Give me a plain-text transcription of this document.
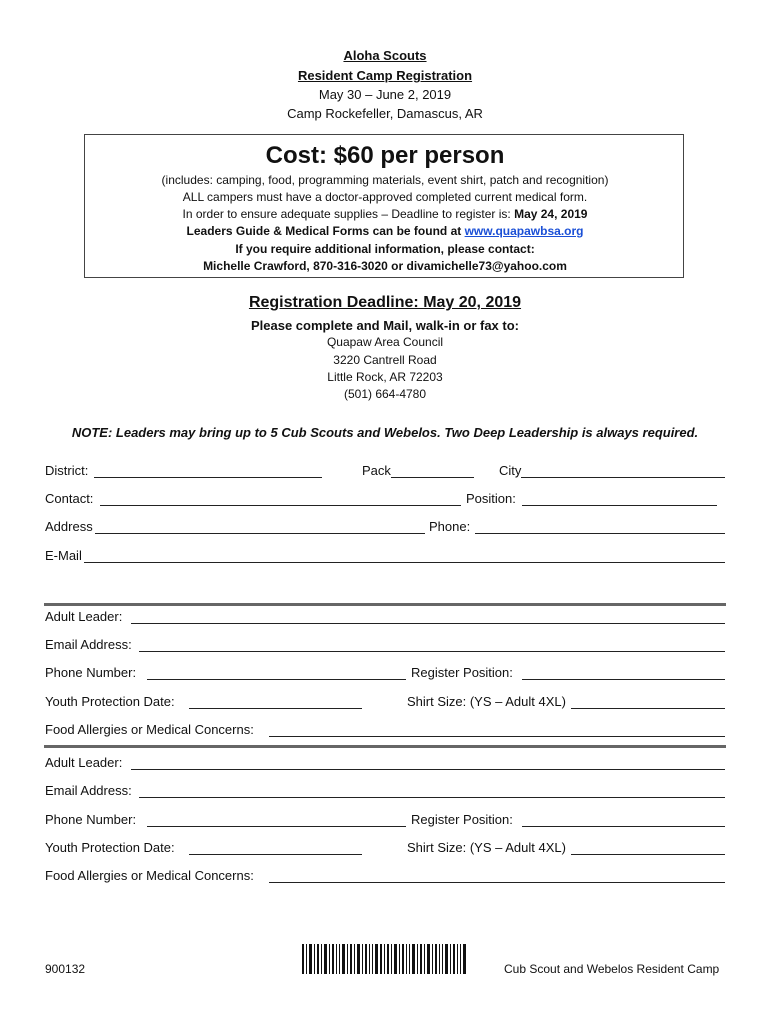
Aloha Scouts
Resident Camp Registration
May 30 – June 2, 2019
Camp Rockefeller, Damascus, AR
Cost: $60 per person
(includes: camping, food, programming materials, event shirt, patch and recognition)
ALL campers must have a doctor-approved completed current medical form.
In order to ensure adequate supplies – Deadline to register is: May 24, 2019
Leaders Guide & Medical Forms can be found at www.quapawbsa.org
If you require additional information, please contact:
Michelle Crawford, 870-316-3020 or divamichelle73@yahoo.com
Registration Deadline: May 20, 2019
Please complete and Mail, walk-in or fax to:
Quapaw Area Council
3220 Cantrell Road
Little Rock, AR 72203
(501) 664-4780
NOTE: Leaders may bring up to 5 Cub Scouts and Webelos. Two Deep Leadership is always required.
District:	Pack	City
Contact:	Position:
Address	Phone:
E-Mail
Adult Leader:
Email Address:
Phone Number:	Register Position:
Youth Protection Date:	Shirt Size: (YS – Adult 4XL)
Food Allergies or Medical Concerns:
Adult Leader:
Email Address:
Phone Number:	Register Position:
Youth Protection Date:	Shirt Size: (YS – Adult 4XL)
Food Allergies or Medical Concerns:
900132	Cub Scout and Webelos Resident Camp
